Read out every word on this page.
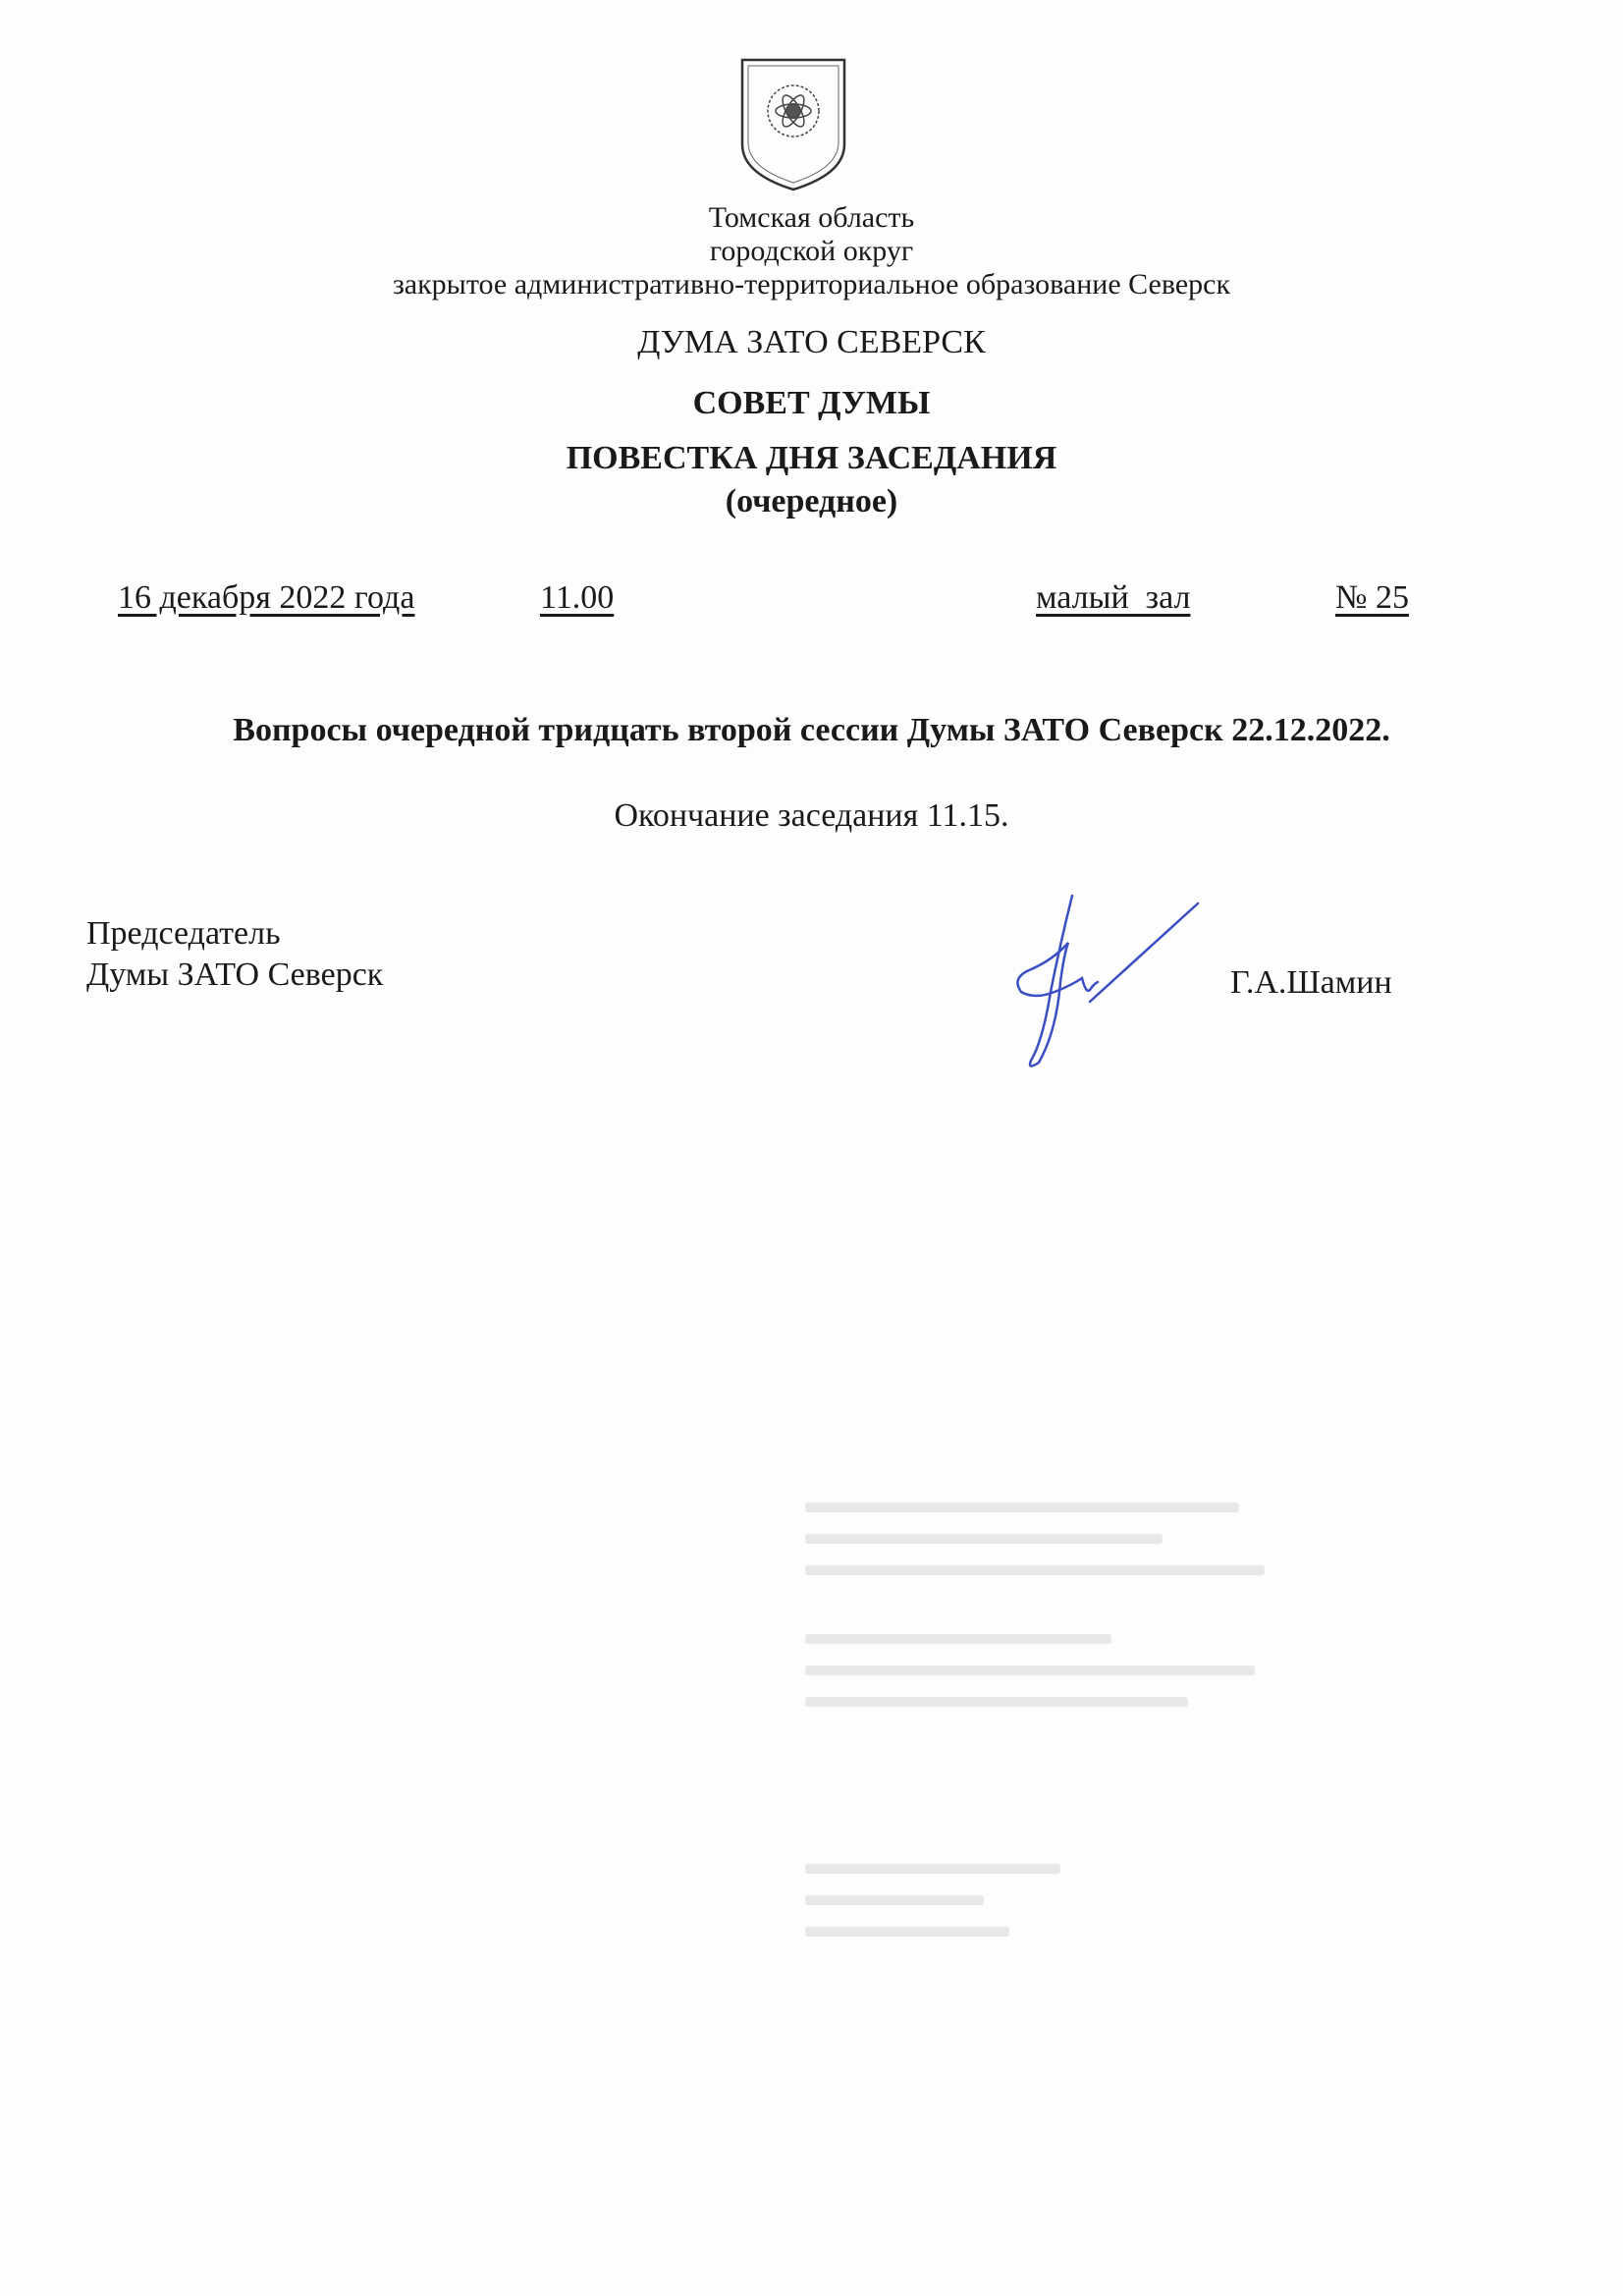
Томская область
городской округ
закрытое административно-территориальное образование Северск
ДУМА ЗАТО СЕВЕРСК
СОВЕТ ДУМЫ
ПОВЕСТКА ДНЯ ЗАСЕДАНИЯ
(очередное)
16 декабря 2022 года	11.00	малый  зал	№ 25
Вопросы очередной тридцать второй сессии Думы ЗАТО Северск 22.12.2022.
Окончание заседания 11.15.
Председатель
Думы ЗАТО Северск	Г.А.Шамин
